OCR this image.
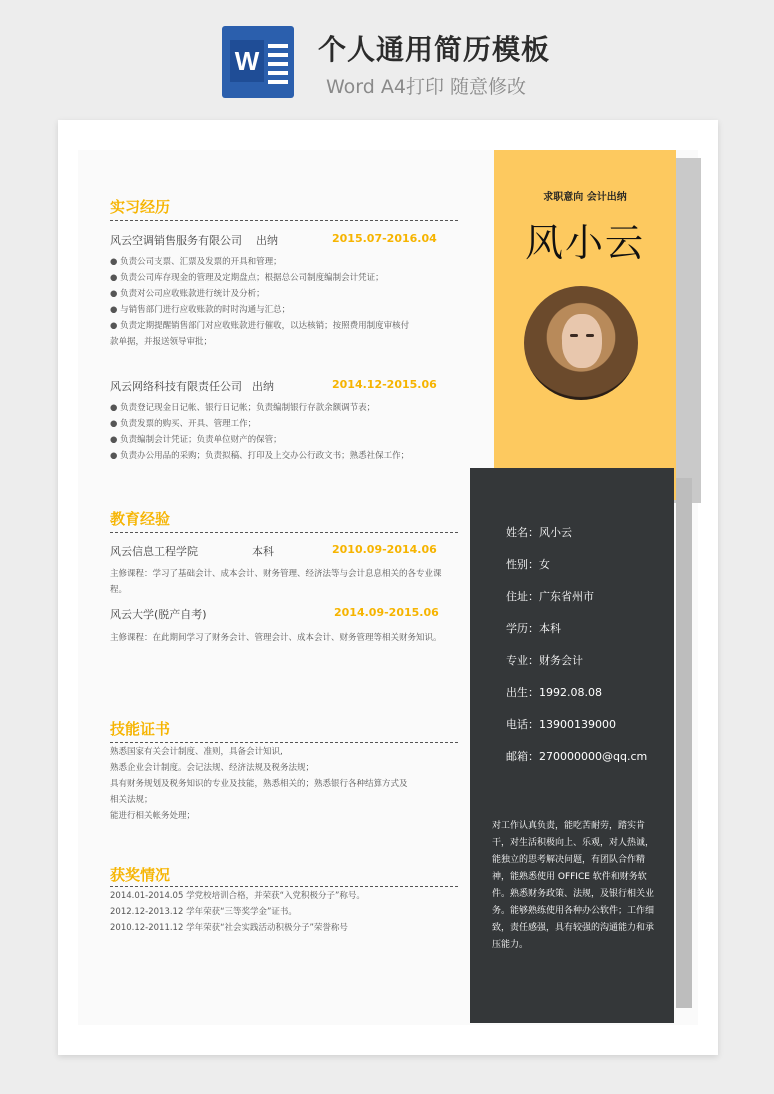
W 个人通用简历模板
Word A4打印 随意修改
实习经历
风云空调销售服务有限公司 出纳	2015.07-2016.04
● 负责公司支票、汇票及发票的开具和管理；
● 负责公司库存现金的管理及定期盘点；根据总公司制度编制会计凭证；
● 负责对公司应收账款进行统计及分析；
● 与销售部门进行应收账款的时时沟通与汇总；
● 负责定期提醒销售部门对应收账款进行催收，以达核销；按照费用制度审核付
款单据，并报送领导审批；
风云网络科技有限责任公司 出纳	2014.12-2015.06
● 负责登记现金日记帐、银行日记帐；负责编制银行存款余额调节表；
● 负责发票的购买、开具、管理工作；
● 负责编制会计凭证；负责单位财产的保管；
● 负责办公用品的采购；负责拟稿、打印及上交办公行政文书；熟悉社保工作；
教育经验
风云信息工程学院	本科	2010.09-2014.06
主修课程：学习了基础会计、成本会计、财务管理、经济法等与会计息息相关的各专业课程。
风云大学(脱产自考)	2014.09-2015.06
主修课程：在此期间学习了财务会计、管理会计、成本会计、财务管理等相关财务知识。
技能证书
熟悉国家有关会计制度、准则，具备会计知识,
熟悉企业会计制度。会记法规、经济法规及税务法规；
具有财务规划及税务知识的专业及技能，熟悉相关的；熟悉银行各种结算方式及
相关法规；
能进行相关帐务处理；
获奖情况
2014.01-2014.05 学党校培训合格，并荣获“入党积极分子”称号。
2012.12-2013.12 学年荣获“三等奖学金”证书。
2010.12-2011.12 学年荣获“社会实践活动积极分子”荣誉称号
求职意向 会计出纳
风小云
姓名：风小云
性别：女
住址：广东省州市
学历：本科
专业：财务会计
出生：1992.08.08
电话：13900139000
邮箱：270000000@qq.cm
对工作认真负责，能吃苦耐劳，踏实肯干，对生活积极向上、乐观，对人热诚，能独立的思考解决问题，有团队合作精神，能熟悉使用 OFFICE 软件和财务软件。熟悉财务政策、法规，及银行相关业务。能够熟练使用各种办公软件；工作细致，责任感强，具有较强的沟通能力和承压能力。
